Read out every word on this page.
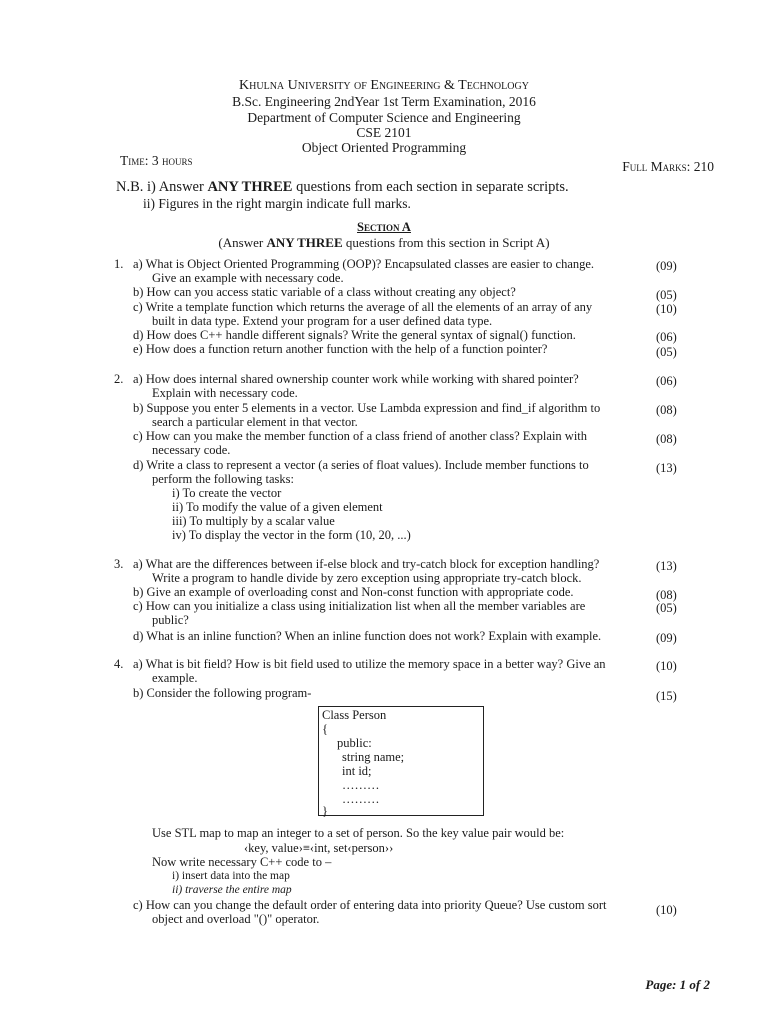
Khulna University of Engineering & Technology
B.Sc. Engineering 2ndYear 1st Term Examination, 2016
Department of Computer Science and Engineering
CSE 2101
Object Oriented Programming
Time: 3 hours	Full Marks: 210
N.B. i) Answer ANY THREE questions from each section in separate scripts.
ii) Figures in the right margin indicate full marks.
Section A
(Answer ANY THREE questions from this section in Script A)
1. a) What is Object Oriented Programming (OOP)? Encapsulated classes are easier to change.	(09)
Give an example with necessary code.
b) How can you access static variable of a class without creating any object?	(05)
c) Write a template function which returns the average of all the elements of an array of any	(10)
built in data type. Extend your program for a user defined data type.
d) How does C++ handle different signals? Write the general syntax of signal() function.	(06)
e) How does a function return another function with the help of a function pointer?	(05)
2. a) How does internal shared ownership counter work while working with shared pointer?	(06)
Explain with necessary code.
b) Suppose you enter 5 elements in a vector. Use Lambda expression and find_if algorithm to	(08)
search a particular element in that vector.
c) How can you make the member function of a class friend of another class? Explain with	(08)
necessary code.
d) Write a class to represent a vector (a series of float values). Include member functions to	(13)
perform the following tasks:
i) To create the vector
ii) To modify the value of a given element
iii) To multiply by a scalar value
iv) To display the vector in the form (10, 20, ...)
3. a) What are the differences between if-else block and try-catch block for exception handling?	(13)
Write a program to handle divide by zero exception using appropriate try-catch block.
b) Give an example of overloading const and Non-const function with appropriate code.	(08)
c) How can you initialize a class using initialization list when all the member variables are	(05)
public?
d) What is an inline function? When an inline function does not work? Explain with example.	(09)
4. a) What is bit field? How is bit field used to utilize the memory space in a better way? Give an	(10)
example.
b) Consider the following program-	(15)
Class Person
{
public:
string name;
int id;
………
………
}
Use STL map to map an integer to a set of person. So the key value pair would be:
‹key, value›≡‹int, set‹person››
Now write necessary C++ code to –
i) insert data into the map
ii) traverse the entire map
c) How can you change the default order of entering data into priority Queue? Use custom sort	(10)
object and overload "()" operator.
Page: 1 of 2
